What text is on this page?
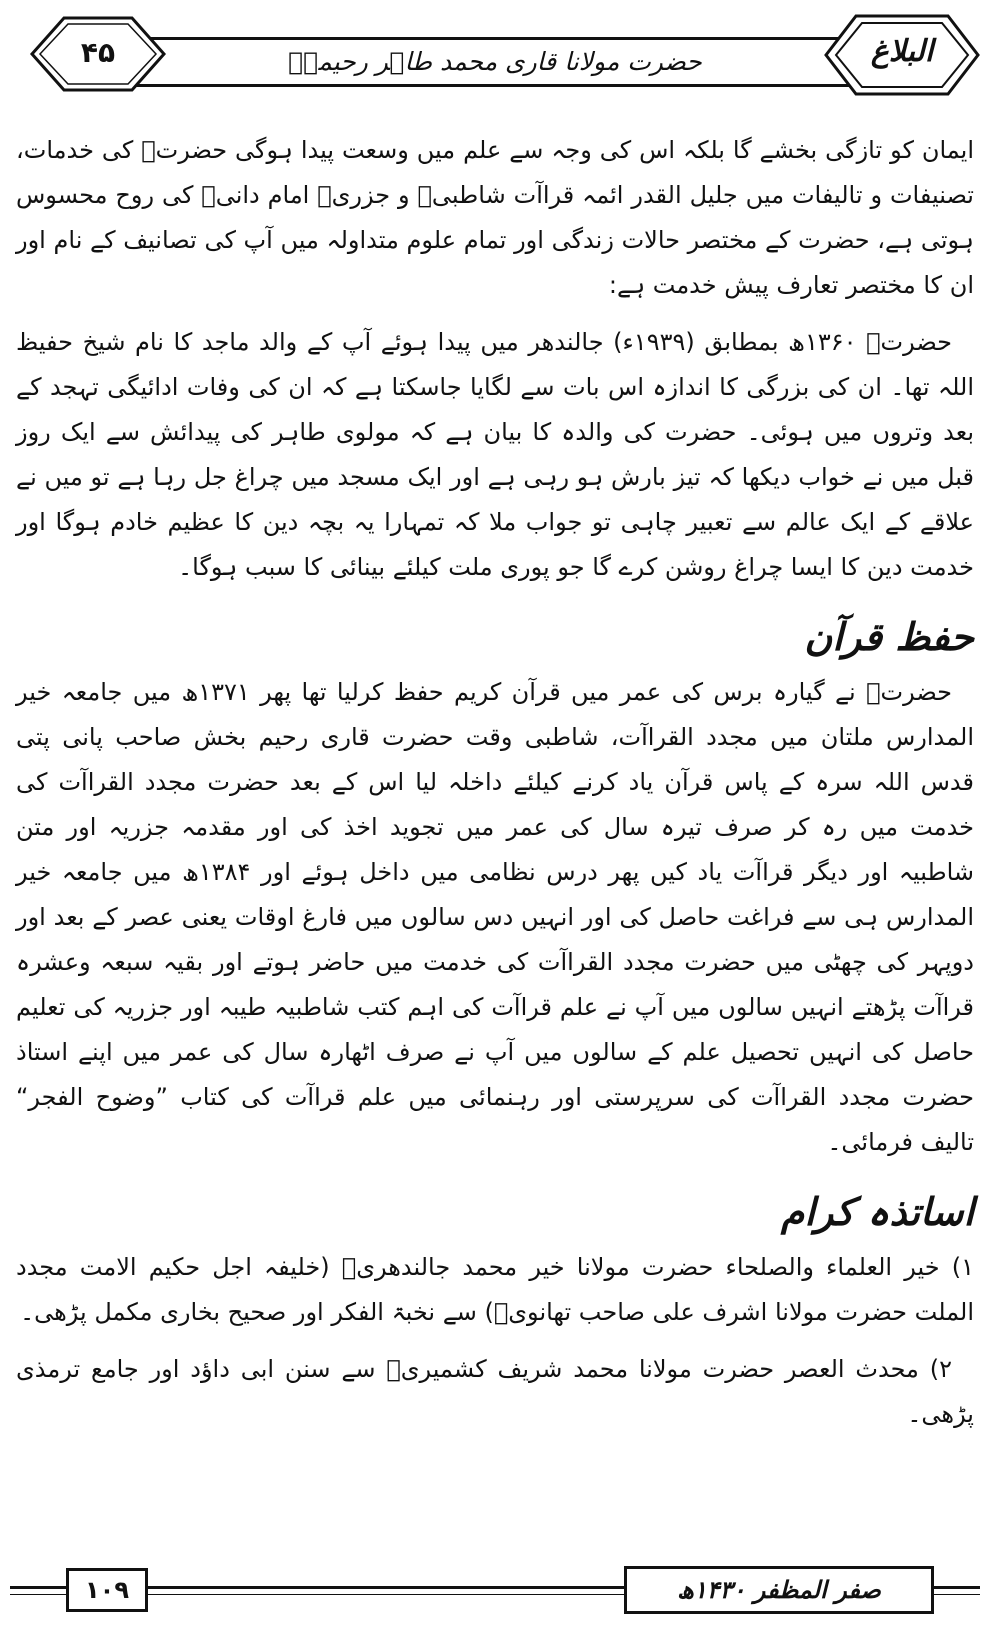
۴۵	حضرت مولانا قاری محمد طاہر رحیمیؒ	البلاغ

ایمان کو تازگی بخشے گا بلکہ اس کی وجہ سے علم میں وسعت پیدا ہوگی حضرتؒ کی خدمات، تصنیفات و تالیفات میں جلیل القدر ائمہ قراآت شاطبیؒ و جزریؒ امام دانیؒ کی روح محسوس ہوتی ہے، حضرت کے مختصر حالات زندگی اور تمام علوم متداولہ میں آپ کی تصانیف کے نام اور ان کا مختصر تعارف پیش خدمت ہے:

حضرتؒ ۱۳۶۰ھ بمطابق (۱۹۳۹ء) جالندھر میں پیدا ہوئے آپ کے والد ماجد کا نام شیخ حفیظ اللہ تھا۔ ان کی بزرگی کا اندازہ اس بات سے لگایا جاسکتا ہے کہ ان کی وفات ادائیگی تہجد کے بعد وتروں میں ہوئی۔ حضرت کی والدہ کا بیان ہے کہ مولوی طاہر کی پیدائش سے ایک روز قبل میں نے خواب دیکھا کہ تیز بارش ہو رہی ہے اور ایک مسجد میں چراغ جل رہا ہے تو میں نے علاقے کے ایک عالم سے تعبیر چاہی تو جواب ملا کہ تمہارا یہ بچہ دین کا عظیم خادم ہوگا اور خدمت دین کا ایسا چراغ روشن کرے گا جو پوری ملت کیلئے بینائی کا سبب ہوگا۔

حفظ قرآن

حضرتؒ نے گیارہ برس کی عمر میں قرآن کریم حفظ کرلیا تھا پھر ۱۳۷۱ھ میں جامعہ خیر المدارس ملتان میں مجدد القراآت، شاطبی وقت حضرت قاری رحیم بخش صاحب پانی پتی قدس اللہ سرہ کے پاس قرآن یاد کرنے کیلئے داخلہ لیا اس کے بعد حضرت مجدد القراآت کی خدمت میں رہ کر صرف تیرہ سال کی عمر میں تجوید اخذ کی اور مقدمہ جزریہ اور متن شاطبیہ اور دیگر قراآت یاد کیں پھر درس نظامی میں داخل ہوئے اور ۱۳۸۴ھ میں جامعہ خیر المدارس ہی سے فراغت حاصل کی اور انہیں دس سالوں میں فارغ اوقات یعنی عصر کے بعد اور دوپہر کی چھٹی میں حضرت مجدد القراآت کی خدمت میں حاضر ہوتے اور بقیہ سبعہ وعشرہ قراآت پڑھتے انہیں سالوں میں آپ نے علم قراآت کی اہم کتب شاطبیہ طیبہ اور جزریہ کی تعلیم حاصل کی انہیں تحصیل علم کے سالوں میں آپ نے صرف اٹھارہ سال کی عمر میں اپنے استاذ حضرت مجدد القراآت کی سرپرستی اور رہنمائی میں علم قراآت کی کتاب ”وضوح الفجر“ تالیف فرمائی۔

اساتذہ کرام

۱) خیر العلماء والصلحاء حضرت مولانا خیر محمد جالندھریؒ (خلیفہ اجل حکیم الامت مجدد الملت حضرت مولانا اشرف علی صاحب تھانویؒ) سے نخبۃ الفکر اور صحیح بخاری مکمل پڑھی۔

۲) محدث العصر حضرت مولانا محمد شریف کشمیریؒ سے سنن ابی داؤد اور جامع ترمذی پڑھی۔

۱۰۹	صفر المظفر ۱۴۳۰ھ
